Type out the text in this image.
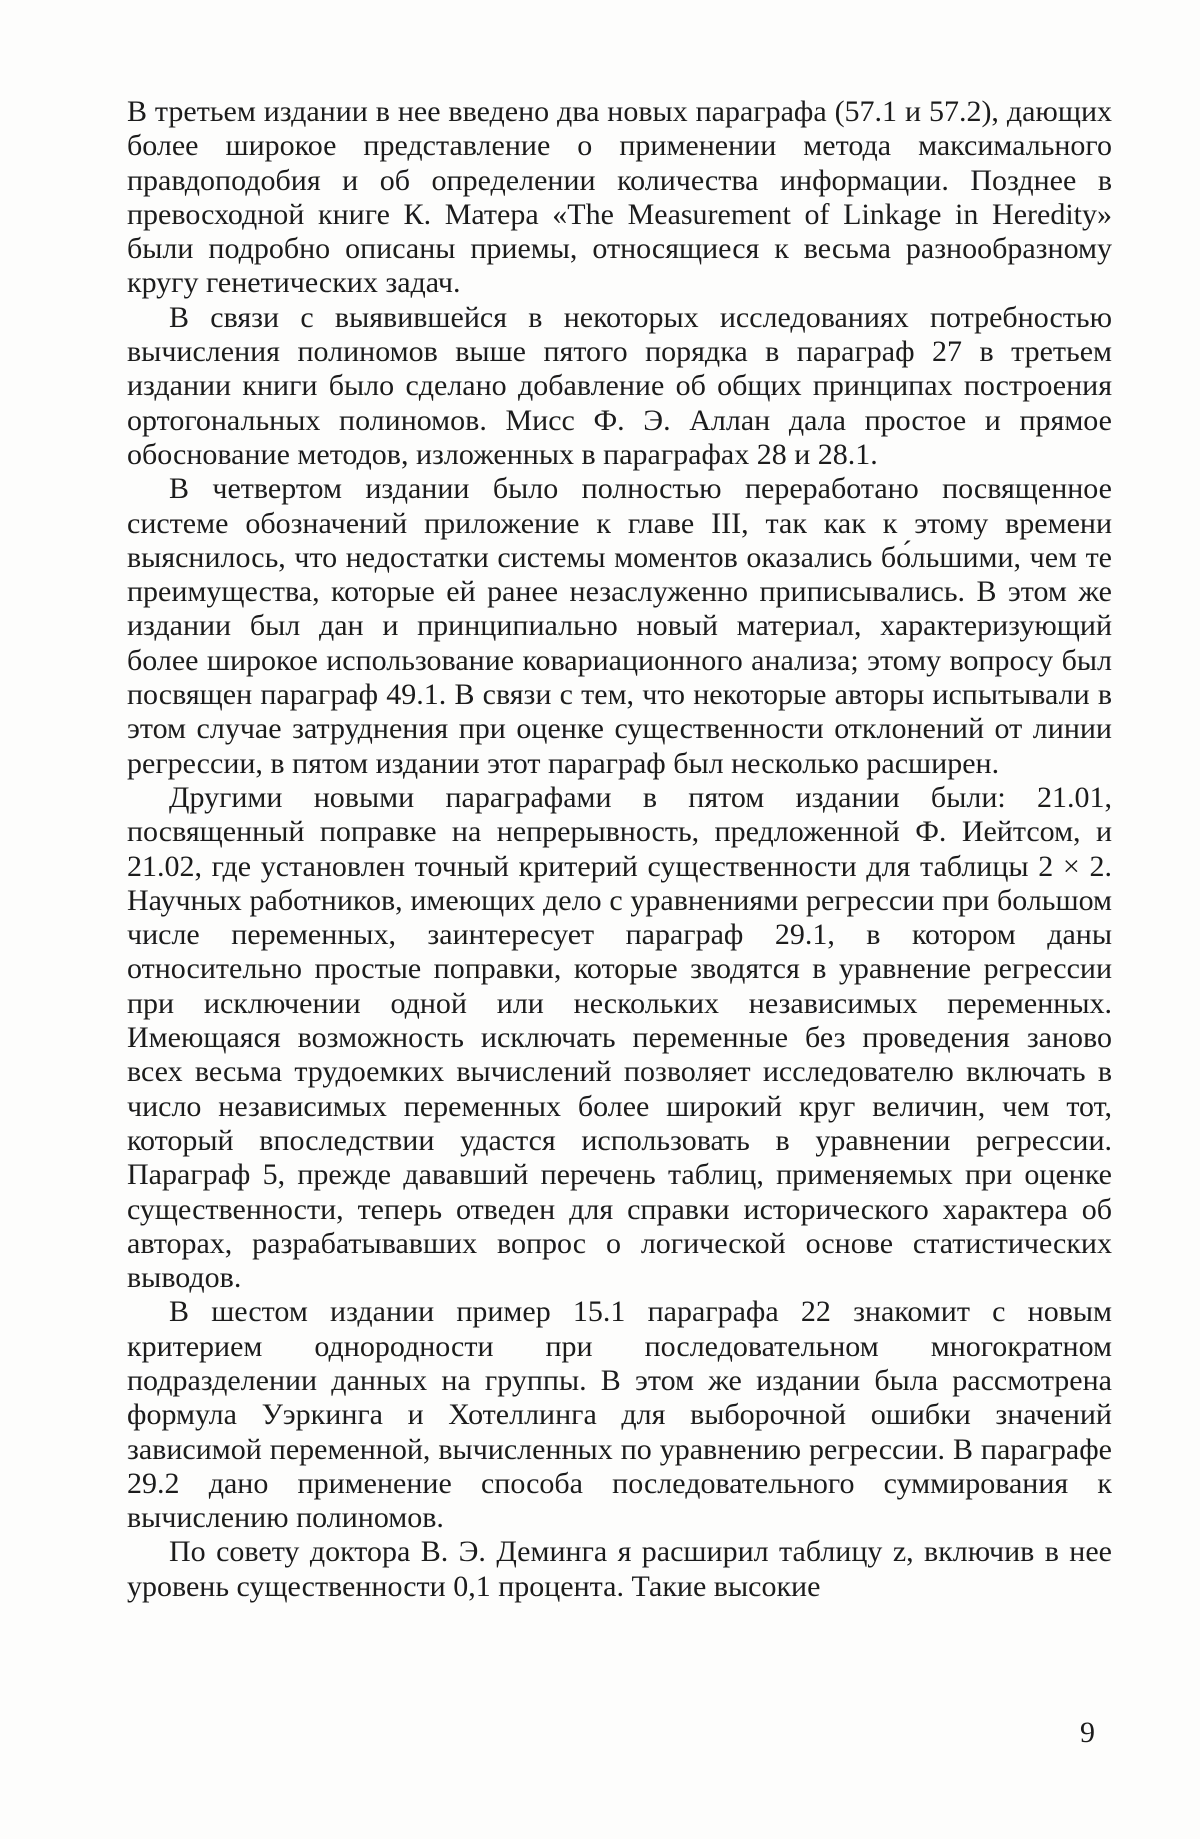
В третьем издании в нее введено два новых параграфа (57.1 и 57.2), дающих более широкое представление о применении метода максимального правдоподобия и об определении количества информации. Позднее в превосходной книге К. Матера «The Measurement of Linkage in Heredity» были подробно описаны приемы, относящиеся к весьма разнообразному кругу генетических задач.

В связи с выявившейся в некоторых исследованиях потребностью вычисления полиномов выше пятого порядка в параграф 27 в третьем издании книги было сделано добавление об общих принципах построения ортогональных полиномов. Мисс Ф. Э. Аллан дала простое и прямое обоснование методов, изложенных в параграфах 28 и 28.1.

В четвертом издании было полностью переработано посвященное системе обозначений приложение к главе III, так как к этому времени выяснилось, что недостатки системы моментов оказались бо́льшими, чем те преимущества, которые ей ранее незаслуженно приписывались. В этом же издании был дан и принципиально новый материал, характеризующий более широкое использование ковариационного анализа; этому вопросу был посвящен параграф 49.1. В связи с тем, что некоторые авторы испытывали в этом случае затруднения при оценке существенности отклонений от линии регрессии, в пятом издании этот параграф был несколько расширен.

Другими новыми параграфами в пятом издании были: 21.01, посвященный поправке на непрерывность, предложенной Ф. Иейтсом, и 21.02, где установлен точный критерий существенности для таблицы 2 × 2. Научных работников, имеющих дело с уравнениями регрессии при большом числе переменных, заинтересует параграф 29.1, в котором даны относительно простые поправки, которые зводятся в уравнение регрессии при исключении одной или нескольких независимых переменных. Имеющаяся возможность исключать переменные без проведения заново всех весьма трудоемких вычислений позволяет исследователю включать в число независимых переменных более широкий круг величин, чем тот, который впоследствии удастся использовать в уравнении регрессии. Параграф 5, прежде дававший перечень таблиц, применяемых при оценке существенности, теперь отведен для справки исторического характера об авторах, разрабатывавших вопрос о логической основе статистических выводов.

В шестом издании пример 15.1 параграфа 22 знакомит с новым критерием однородности при последовательном многократном подразделении данных на группы. В этом же издании была рассмотрена формула Уэркинга и Хотеллинга для выборочной ошибки значений зависимой переменной, вычисленных по уравнению регрессии. В параграфе 29.2 дано применение способа последовательного суммирования к вычислению полиномов.

По совету доктора В. Э. Деминга я расширил таблицу z, включив в нее уровень существенности 0,1 процента. Такие высокие

9
